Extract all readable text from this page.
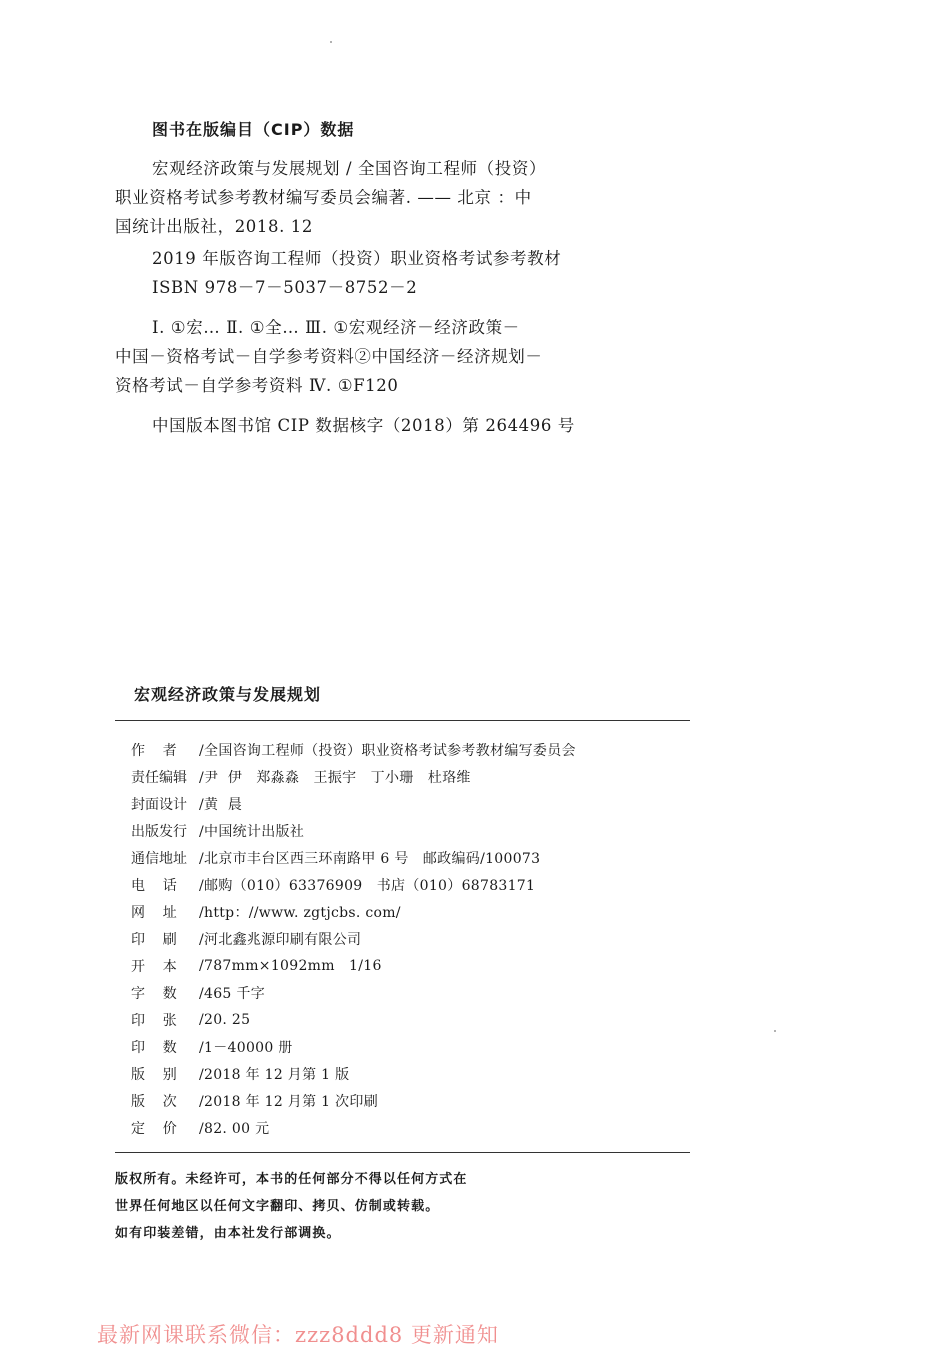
图书在版编目（CIP）数据
宏观经济政策与发展规划 / 全国咨询工程师（投资）
职业资格考试参考教材编写委员会编著. —— 北京 ：中
国统计出版社，2018. 12
2019 年版咨询工程师（投资）职业资格考试参考教材
ISBN 978－7－5037－8752－2
Ⅰ. ①宏… Ⅱ. ①全… Ⅲ. ①宏观经济－经济政策－
中国－资格考试－自学参考资料②中国经济－经济规划－
资格考试－自学参考资料 Ⅳ. ①F120
中国版本图书馆 CIP 数据核字（2018）第 264496 号
宏观经济政策与发展规划
作    者	/全国咨询工程师（投资）职业资格考试参考教材编写委员会
责任编辑 /尹  伊   郑淼淼   王振宇   丁小珊   杜珞维
封面设计 /黄  晨
出版发行 /中国统计出版社
通信地址 /北京市丰台区西三环南路甲 6 号   邮政编码/100073
电    话	/邮购（010）63376909   书店（010）68783171
网    址	/http：//www. zgtjcbs. com/
印    刷	/河北鑫兆源印刷有限公司
开    本	/787mm×1092mm   1/16
字    数	/465 千字
印    张	/20. 25
印    数	/1－40000 册
版    别	/2018 年 12 月第 1 版
版    次	/2018 年 12 月第 1 次印刷
定    价	/82. 00 元
版权所有。未经许可，本书的任何部分不得以任何方式在
世界任何地区以任何文字翻印、拷贝、仿制或转载。
如有印装差错，由本社发行部调换。
最新网课联系微信：zzz8ddd8 更新通知
